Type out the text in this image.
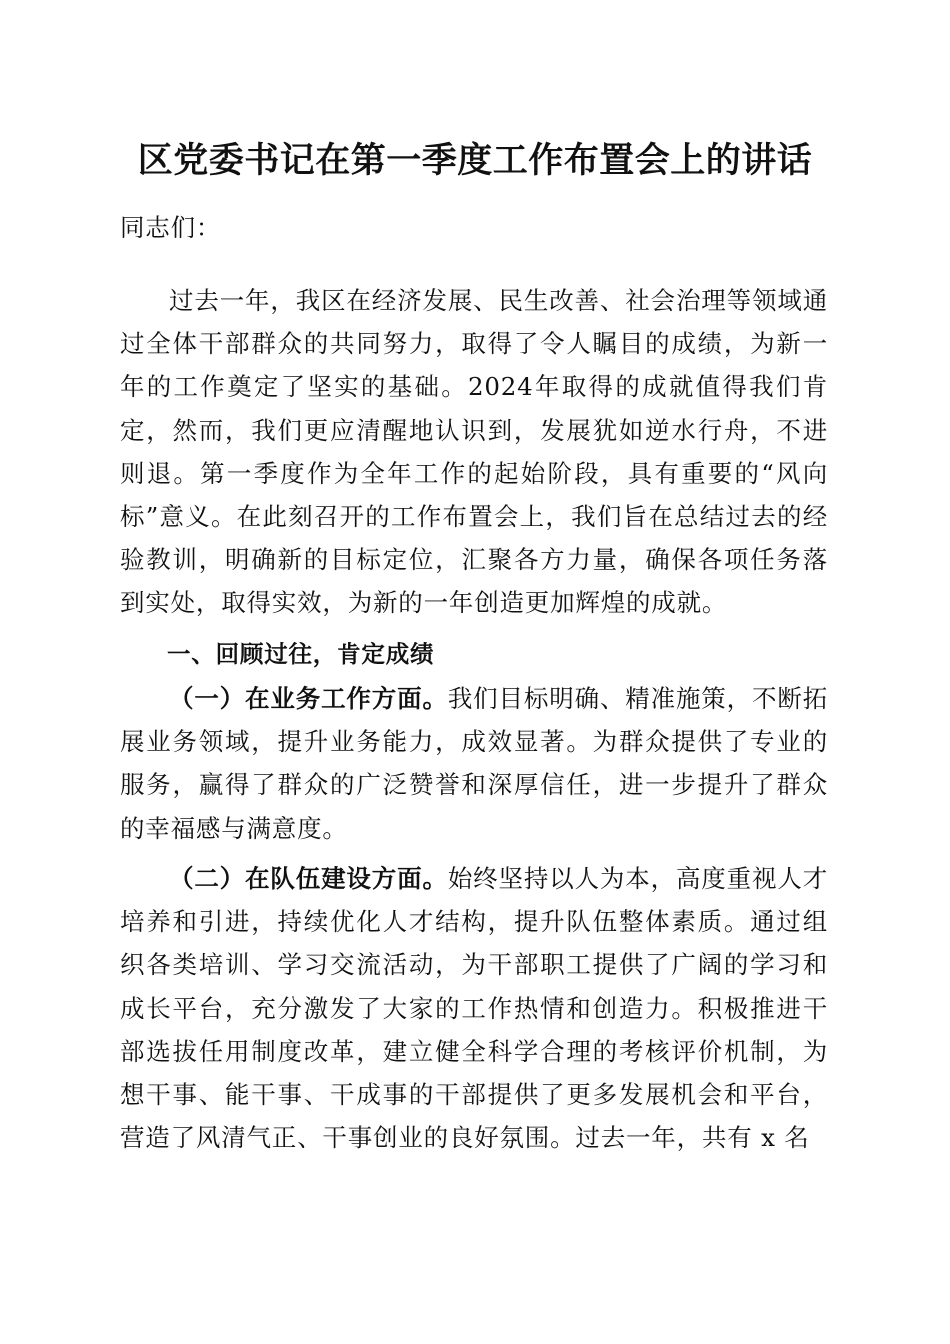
区党委书记在第一季度工作布置会上的讲话

同志们：

过去一年，我区在经济发展、民生改善、社会治理等领域通过全体干部群众的共同努力，取得了令人瞩目的成绩，为新一年的工作奠定了坚实的基础。2024年取得的成就值得我们肯定，然而，我们更应清醒地认识到，发展犹如逆水行舟，不进则退。第一季度作为全年工作的起始阶段，具有重要的“风向标”意义。在此刻召开的工作布置会上，我们旨在总结过去的经验教训，明确新的目标定位，汇聚各方力量，确保各项任务落到实处，取得实效，为新的一年创造更加辉煌的成就。

一、回顾过往，肯定成绩

（一）在业务工作方面。我们目标明确、精准施策，不断拓展业务领域，提升业务能力，成效显著。为群众提供了专业的服务，赢得了群众的广泛赞誉和深厚信任，进一步提升了群众的幸福感与满意度。

（二）在队伍建设方面。始终坚持以人为本，高度重视人才培养和引进，持续优化人才结构，提升队伍整体素质。通过组织各类培训、学习交流活动，为干部职工提供了广阔的学习和成长平台，充分激发了大家的工作热情和创造力。积极推进干部选拔任用制度改革，建立健全科学合理的考核评价机制，为想干事、能干事、干成事的干部提供了更多发展机会和平台，营造了风清气正、干事创业的良好氛围。过去一年，共有 x 名
